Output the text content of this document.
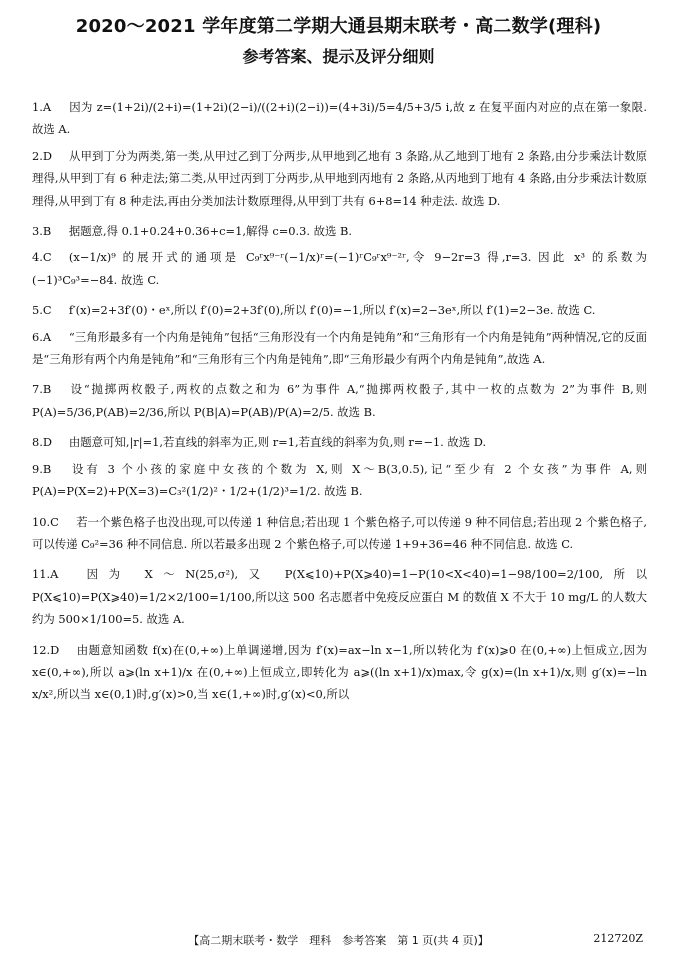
2020～2021 学年度第二学期大通县期末联考・高二数学(理科)
参考答案、提示及评分细则
1.A 因为 z=(1+2i)/(2+i)=(1+2i)(2−i)/((2+i)(2−i))=(4+3i)/5=4/5+3/5 i,故 z 在复平面内对应的点在第一象限. 故选 A.
2.D 从甲到丁分为两类,第一类,从甲过乙到丁分两步,从甲地到乙地有 3 条路,从乙地到丁地有 2 条路,由分步乘法计数原理得,从甲到丁有 6 种走法;第二类,从甲过丙到丁分两步,从甲地到丙地有 2 条路,从丙地到丁地有 4 条路,由分步乘法计数原理得,从甲到丁有 8 种走法,再由分类加法计数原理得,从甲到丁共有 6+8=14 种走法. 故选 D.
3.B 据题意,得 0.1+0.24+0.36+c=1,解得 c=0.3. 故选 B.
4.C (x−1/x)⁹ 的展开式的通项是 C₉ʳx⁹⁻ʳ(−1/x)ʳ=(−1)ʳC₉ʳx⁹⁻²ʳ,令 9−2r=3 得,r=3. 因此 x³ 的系数为(−1)³C₉³=−84. 故选 C.
5.C f′(x)=2+3f′(0)・eˣ,所以 f′(0)=2+3f′(0),所以 f′(0)=−1,所以 f′(x)=2−3eˣ,所以 f′(1)=2−3e. 故选 C.
6.A “三角形最多有一个内角是钝角”包括“三角形没有一个内角是钝角”和“三角形有一个内角是钝角”两种情况,它的反面是“三角形有两个内角是钝角”和“三角形有三个内角是钝角”,即“三角形最少有两个内角是钝角”,故选 A.
7.B 设“抛掷两枚骰子,两枚的点数之和为 6”为事件 A,“抛掷两枚骰子,其中一枚的点数为 2”为事件 B,则 P(A)=5/36,P(AB)=2/36,所以 P(B|A)=P(AB)/P(A)=2/5. 故选 B.
8.D 由题意可知,|r|=1,若直线的斜率为正,则 r=1,若直线的斜率为负,则 r=−1. 故选 D.
9.B 设有 3 个小孩的家庭中女孩的个数为 X,则 X～B(3,0.5),记“至少有 2 个女孩”为事件 A,则 P(A)=P(X=2)+P(X=3)=C₃²(1/2)²・1/2+(1/2)³=1/2. 故选 B.
10.C 若一个紫色格子也没出现,可以传递 1 种信息;若出现 1 个紫色格子,可以传递 9 种不同信息;若出现 2 个紫色格子,可以传递 C₉²=36 种不同信息. 所以若最多出现 2 个紫色格子,可以传递 1+9+36=46 种不同信息. 故选 C.
11.A 因为 X～N(25,σ²),又 P(X⩽10)+P(X⩾40)=1−P(10<X<40)=1−98/100=2/100,所以 P(X⩽10)=P(X⩾40)=1/2×2/100=1/100,所以这 500 名志愿者中免疫反应蛋白 M 的数值 X 不大于 10 mg/L 的人数大约为 500×1/100=5. 故选 A.
12.D 由题意知函数 f(x)在(0,+∞)上单调递增,因为 f′(x)=ax−ln x−1,所以转化为 f′(x)⩾0 在(0,+∞)上恒成立,因为 x∈(0,+∞),所以 a⩾(ln x+1)/x 在(0,+∞)上恒成立,即转化为 a⩾((ln x+1)/x)max,令 g(x)=(ln x+1)/x,则 g′(x)=−ln x/x²,所以当 x∈(0,1)时,g′(x)>0,当 x∈(1,+∞)时,g′(x)<0,所以
【高二期末联考・数学　理科　参考答案　第 1 页(共 4 页)】	212720Z
